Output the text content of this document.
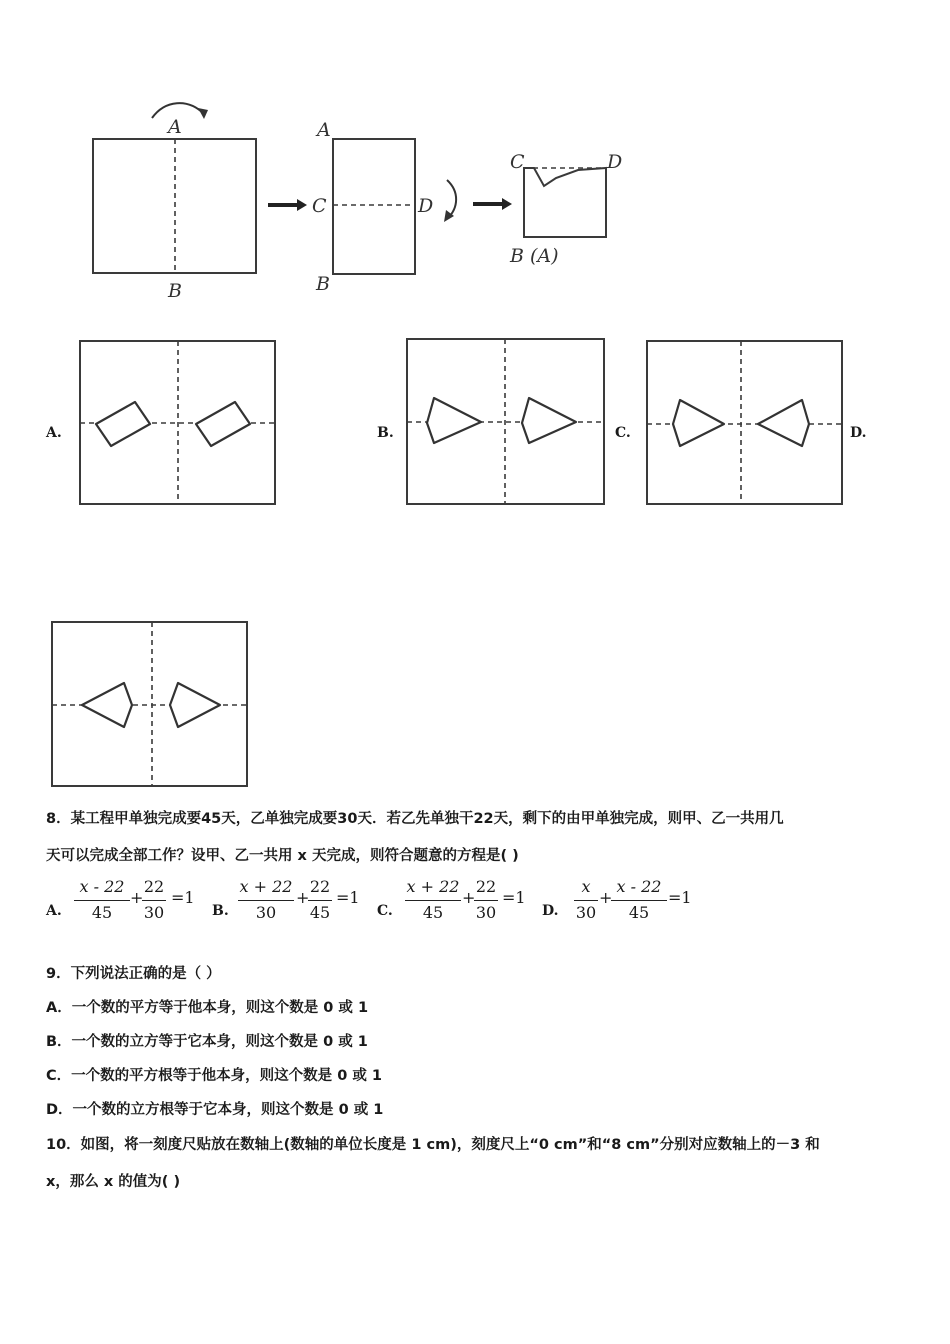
A
B
A
C	D
B
C	D
B (A)
A.	B.	C.	D.
8．某工程甲单独完成要45天，乙单独完成要30天．若乙先单独干22天，剩下的由甲单独完成，则甲、乙一共用几
天可以完成全部工作？设甲、乙一共用 x 天完成，则符合题意的方程是( )
A.
x - 22
45
+
22
30
=1
B.
x + 22
30
+
22
45
=1
C.
x + 22
45
+
22
30
=1
D.
x
30
+
x - 22
45
=1
9．下列说法正确的是（ ）
A．一个数的平方等于他本身，则这个数是 0 或 1
B．一个数的立方等于它本身，则这个数是 0 或 1
C．一个数的平方根等于他本身，则这个数是 0 或 1
D．一个数的立方根等于它本身，则这个数是 0 或 1
10．如图，将一刻度尺贴放在数轴上(数轴的单位长度是 1 cm)，刻度尺上“0 cm”和“8 cm”分别对应数轴上的－3 和
x，那么 x 的值为( )
